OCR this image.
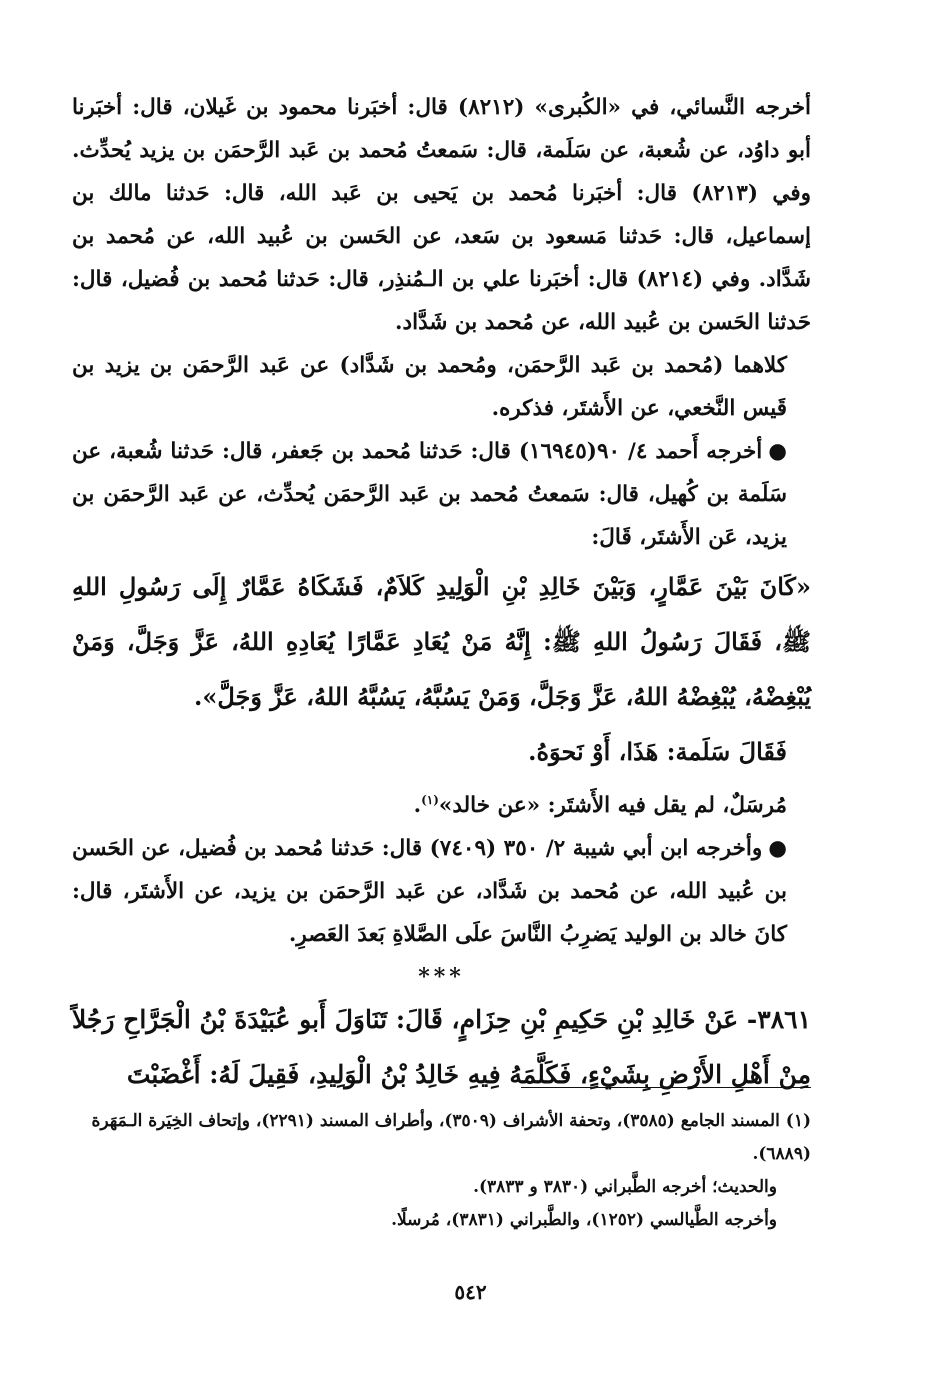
أخرجه النَّسائي، في «الكُبرى» (٨٢١٢) قال: أخبَرنا محمود بن غَيلان، قال: أخبَرنا أبو داوُد، عن شُعبة، عن سَلَمة، قال: سَمعتُ مُحمد بن عَبد الرَّحمَن بن يزيد يُحدِّث. وفي (٨٢١٣) قال: أخبَرنا مُحمد بن يَحيى بن عَبد الله، قال: حَدثنا مالك بن إسماعيل، قال: حَدثنا مَسعود بن سَعد، عن الحَسن بن عُبيد الله، عن مُحمد بن شَدَّاد. وفي (٨٢١٤) قال: أخبَرنا علي بن الـمُنذِر، قال: حَدثنا مُحمد بن فُضيل، قال: حَدثنا الحَسن بن عُبيد الله، عن مُحمد بن شَدَّاد.

كلاهما (مُحمد بن عَبد الرَّحمَن، ومُحمد بن شَدَّاد) عن عَبد الرَّحمَن بن يزيد بن قَيس النَّخعي، عن الأَشتَر، فذكره.

●أخرجه أَحمد ٤/ ٩٠(١٦٩٤٥) قال: حَدثنا مُحمد بن جَعفر، قال: حَدثنا شُعبة، عن سَلَمة بن كُهيل، قال: سَمعتُ مُحمد بن عَبد الرَّحمَن يُحدِّث، عن عَبد الرَّحمَن بن يزيد، عَن الأَشتَر، قَالَ:

«كَانَ بَيْنَ عَمَّارٍ، وَبَيْنَ خَالِدِ بْنِ الْوَلِيدِ كَلاَمٌ، فَشَكَاهُ عَمَّارٌ إِلَى رَسُولِ اللهِ ﷺ، فَقَالَ رَسُولُ اللهِ ﷺ: إِنَّهُ مَنْ يُعَادِ عَمَّارًا يُعَادِهِ اللهُ، عَزَّ وَجَلَّ، وَمَنْ يُبْغِضْهُ، يُبْغِضْهُ اللهُ، عَزَّ وَجَلَّ، وَمَنْ يَسُبَّهُ، يَسُبَّهُ اللهُ، عَزَّ وَجَلَّ».

فَقَالَ سَلَمة: هَذَا، أَوْ نَحوَهُ.

مُرسَلٌ، لم يقل فيه الأَشتَر: «عن خالد»$^{(١)}$.

●وأخرجه ابن أبي شيبة ٢/ ٣٥٠ (٧٤٠٩) قال: حَدثنا مُحمد بن فُضيل، عن الحَسن بن عُبيد الله، عن مُحمد بن شَدَّاد، عن عَبد الرَّحمَن بن يزيد، عن الأَشتَر، قال: كانَ خالد بن الوليد يَضرِبُ النَّاسَ علَى الصَّلاةِ بَعدَ العَصرِ.

***

٣٨٦١- عَنْ خَالِدِ بْنِ حَكِيمِ بْنِ حِزَامٍ، قَالَ: تَنَاوَلَ أَبو عُبَيْدَةَ بْنُ الْجَرَّاحِ رَجُلاً مِنْ أَهْلِ الأَرْضِ بِشَيْءٍ، فَكَلَّمَهُ فِيهِ خَالِدُ بْنُ الْوَلِيدِ، فَقِيلَ لَهُ: أَغْضَبْتَ

(١) المسند الجامع (٣٥٨٥)، وتحفة الأشراف (٣٥٠٩)، وأطراف المسند (٢٢٩١)، وإتحاف الخِيَرة الـمَهَرة (٦٨٨٩).

والحديث؛ أخرجه الطَّبراني (٣٨٣٠ و ٣٨٣٣).

وأخرجه الطَّيالسي (١٢٥٢)، والطَّبراني (٣٨٣١)، مُرسلًا.

٥٤٢
